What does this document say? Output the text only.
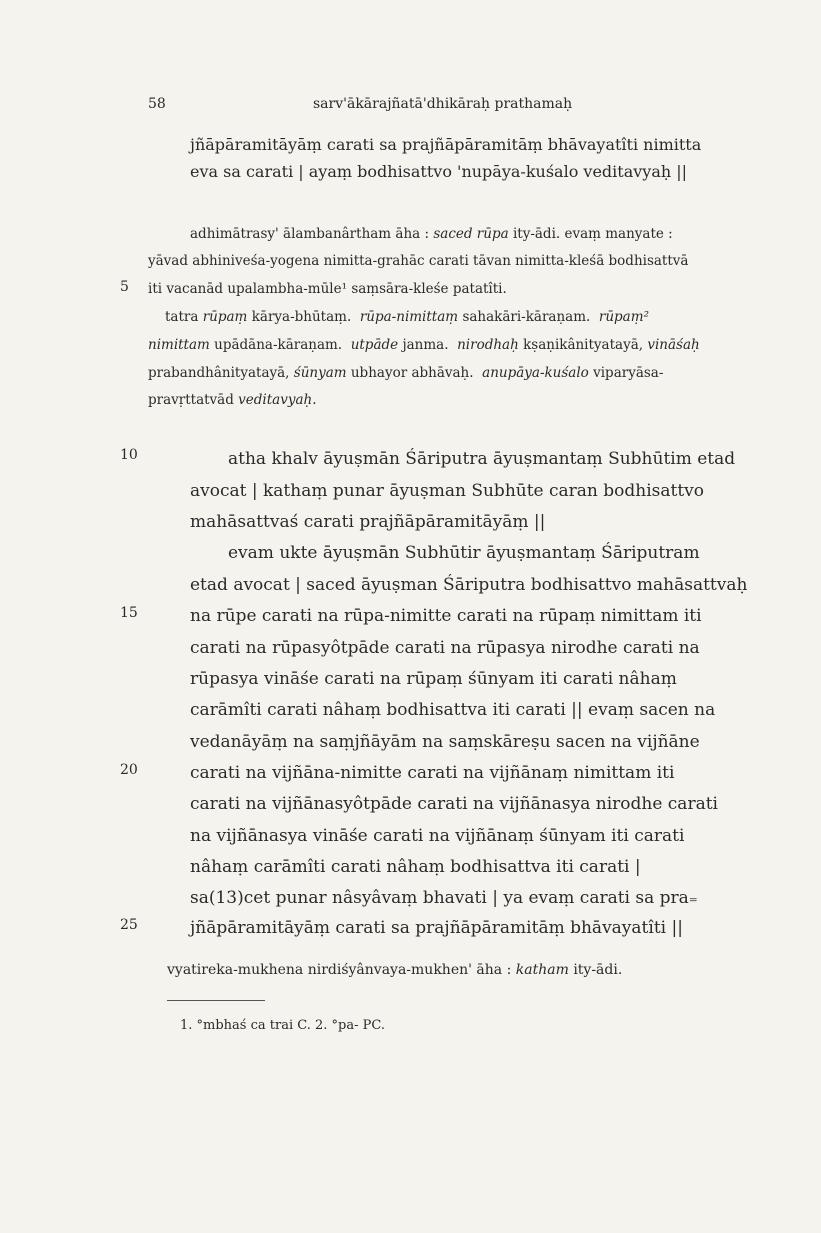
58	sarv'ākārajñatā'dhikāraḥ prathamaḥ
jñāpāramitāyāṃ carati sa prajñāpāramitāṃ bhāvayatîti nimitta
eva sa carati | ayaṃ bodhisattvo 'nupāya-kuśalo veditavyaḥ ||
adhimātrasy' ālambanârtham āha : saced rūpa ity-ādi. evaṃ manyate :
yāvad abhiniveśa-yogena nimitta-grahāc carati tāvan nimitta-kleśā bodhisattvā
5 iti vacanād upalambha-mūle¹ saṃsāra-kleśe patatîti.
tatra rūpaṃ kārya-bhūtaṃ. rūpa-nimittaṃ sahakāri-kāraṇam. rūpaṃ²
nimittam upādāna-kāraṇam. utpāde janma. nirodhaḥ kṣaṇikânityatayā, vināśaḥ
prabandhânityatayā, śūnyam ubhayor abhāvaḥ. anupāya-kuśalo viparyāsa-
pravṛttatvād veditavyaḥ.
10	atha khalv āyuṣmān Śāriputra āyuṣmantaṃ Subhūtim etad
avocat | kathaṃ punar āyuṣman Subhūte caran bodhisattvo
mahāsattvaś carati prajñāpāramitāyāṃ ||
evam ukte āyuṣmān Subhūtir āyuṣmantaṃ Śāriputram
etad avocat | saced āyuṣman Śāriputra bodhisattvo mahāsattvaḥ
15	na rūpe carati na rūpa-nimitte carati na rūpaṃ nimittam iti
carati na rūpasyôtpāde carati na rūpasya nirodhe carati na
rūpasya vināśe carati na rūpaṃ śūnyam iti carati nâhaṃ
carāmîti carati nâhaṃ bodhisattva iti carati || evaṃ sacen na
vedanāyāṃ na saṃjñāyām na saṃskāreṣu sacen na vijñāne
20	carati na vijñāna-nimitte carati na vijñānaṃ nimittam iti
carati na vijñānasyôtpāde carati na vijñānasya nirodhe carati
na vijñānasya vināśe carati na vijñānaṃ śūnyam iti carati
nâhaṃ carāmîti carati nâhaṃ bodhisattva iti carati |
sa(13)cet punar nâsyâvaṃ bhavati | ya evaṃ carati sa pra₌
25	jñāpāramitāyāṃ carati sa prajñāpāramitāṃ bhāvayatîti ||
vyatireka-mukhena nirdiśyânvaya-mukhen' āha : katham ity-ādi.
1. °mbhaś ca trai C. 2. °pa- PC.
